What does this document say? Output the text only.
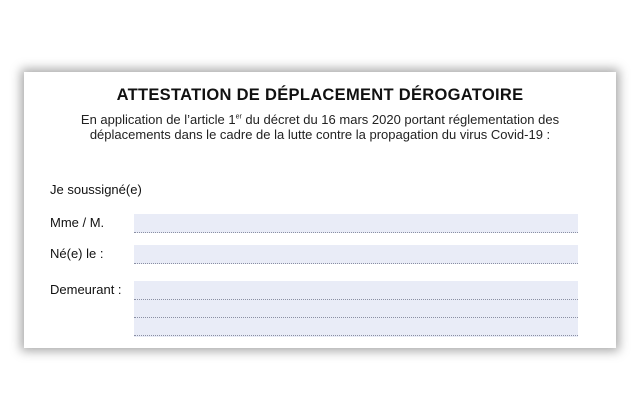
ATTESTATION DE DÉPLACEMENT DÉROGATOIRE

En application de l’article 1er du décret du 16 mars 2020 portant réglementation des
déplacements dans le cadre de la lutte contre la propagation du virus Covid-19 :

Je soussigné(e)
Mme / M.
Né(e) le :
Demeurant :
